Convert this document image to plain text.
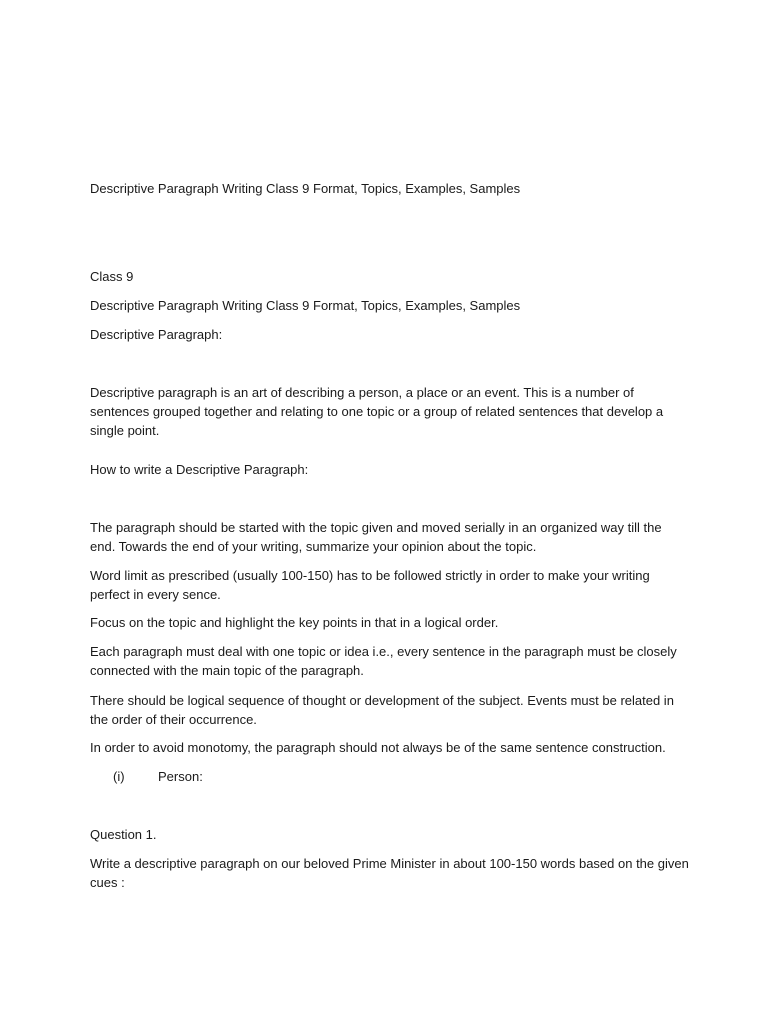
Descriptive Paragraph Writing Class 9 Format, Topics, Examples, Samples

Class 9

Descriptive Paragraph Writing Class 9 Format, Topics, Examples, Samples

Descriptive Paragraph:

Descriptive paragraph is an art of describing a person, a place or an event. This is a number of sentences grouped together and relating to one topic or a group of related sentences that develop a single point.

How to write a Descriptive Paragraph:

The paragraph should be started with the topic given and moved serially in an organized way till the end. Towards the end of your writing, summarize your opinion about the topic.

Word limit as prescribed (usually 100-150) has to be followed strictly in order to make your writing perfect in every sence.

Focus on the topic and highlight the key points in that in a logical order.

Each paragraph must deal with one topic or idea i.e., every sentence in the paragraph must be closely connected with the main topic of the paragraph.

There should be logical sequence of thought or development of the subject. Events must be related in the order of their occurrence.

In order to avoid monotomy, the paragraph should not always be of the same sentence construction.

(i)	Person:

Question 1.

Write a descriptive paragraph on our beloved Prime Minister in about 100-150 words based on the given cues :
